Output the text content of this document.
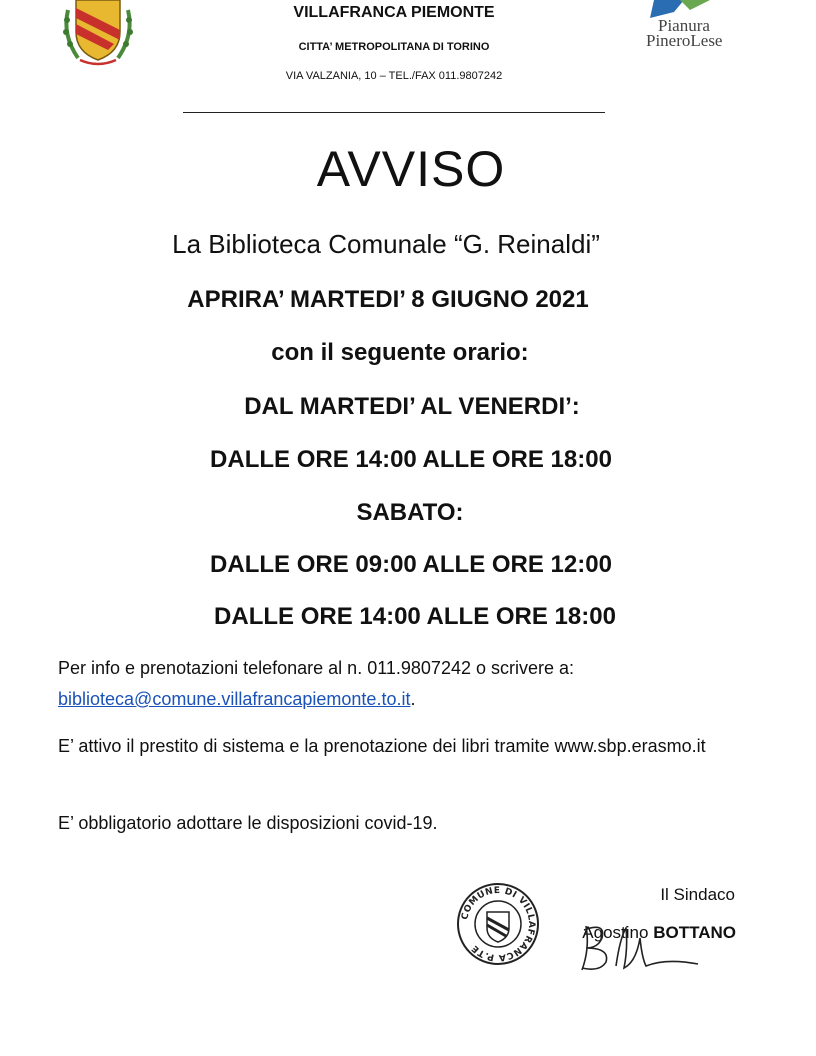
VILLAFRANCA PIEMONTE
CITTA’ METROPOLITANA DI TORINO
VIA VALZANIA, 10 – TEL./FAX 011.9807242
Pianura
PineroLese
AVVISO
La Biblioteca Comunale “G. Reinaldi”
APRIRA’ MARTEDI’ 8 GIUGNO 2021
con il seguente orario:
DAL MARTEDI’ AL VENERDI’:
DALLE ORE 14:00 ALLE ORE 18:00
SABATO:
DALLE ORE 09:00 ALLE ORE 12:00
DALLE ORE 14:00 ALLE ORE 18:00
Per info e prenotazioni telefonare al n. 011.9807242 o scrivere a:
biblioteca@comune.villafrancapiemonte.to.it.
E’ attivo il prestito di sistema e la prenotazione dei libri tramite www.sbp.erasmo.it
E’ obbligatorio adottare le disposizioni covid-19.
Il Sindaco
Agostino BOTTANO
COMUNE DI VILLAFRANCA P.TE
